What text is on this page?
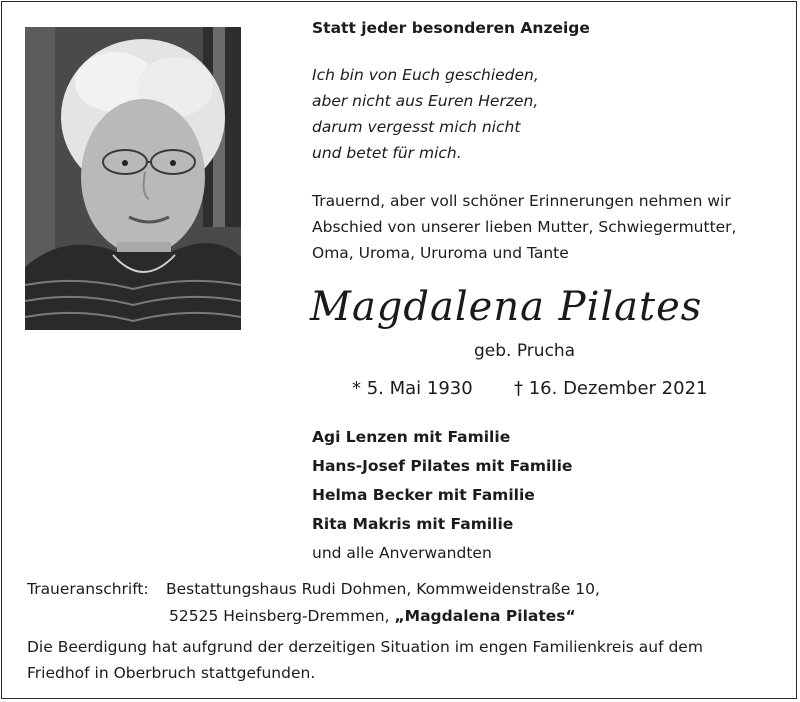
Statt jeder besonderen Anzeige
Ich bin von Euch geschieden,
aber nicht aus Euren Herzen,
darum vergesst mich nicht
und betet für mich.
Trauernd, aber voll schöner Erinnerungen nehmen wir
Abschied von unserer lieben Mutter, Schwiegermutter,
Oma, Uroma, Ururoma und Tante
Magdalena Pilates
geb. Prucha
* 5. Mai 1930 † 16. Dezember 2021
Agi Lenzen mit Familie
Hans-Josef Pilates mit Familie
Helma Becker mit Familie
Rita Makris mit Familie
und alle Anverwandten
Traueranschrift: Bestattungshaus Rudi Dohmen, Kommweidenstraße 10,
52525 Heinsberg-Dremmen, „Magdalena Pilates“
Die Beerdigung hat aufgrund der derzeitigen Situation im engen Familienkreis auf dem
Friedhof in Oberbruch stattgefunden.
